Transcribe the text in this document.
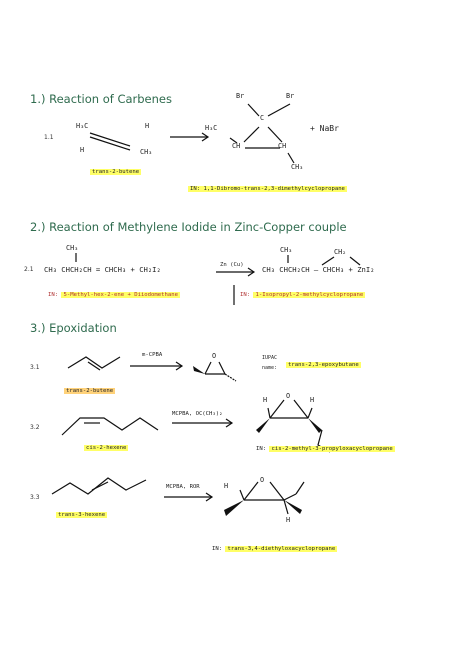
1.) Reaction of Carbenes
2.) Reaction of Methylene Iodide in Zinc-Copper couple
3.) Epoxidation
1.1
H₃C	H
H	CH₃
trans-2-butene
Br	Br
C
H₃C
CH	CH
CH₃
+ NaBr
IN: 1,1-Dibromo-trans-2,3-dimethylcyclopropane
2.1
CH₃
CH₃ CHCH₂CH = CHCH₃ + CH₂I₂	Zn (Cu)
CH₃	CH₂
CH₃ CHCH₂CH — CHCH₃ + ZnI₂
IN: 5-Methyl-hex-2-ene + Diiodomethane	IN: 1-Isopropyl-2-methylcyclopropane
3.1
m-CPBA
trans-2-butene
O	IUPAC
name:	trans-2,3-epoxybutane
3.2
MCPBA, OC(CH₃)₂
cis-2-hexene
H	H
O
IN: cis-2-methyl-3-propyloxacyclopropane
3.3
MCPBA, ROR
trans-3-hexene
H
H
O
IN: trans-3,4-diethyloxacyclopropane
